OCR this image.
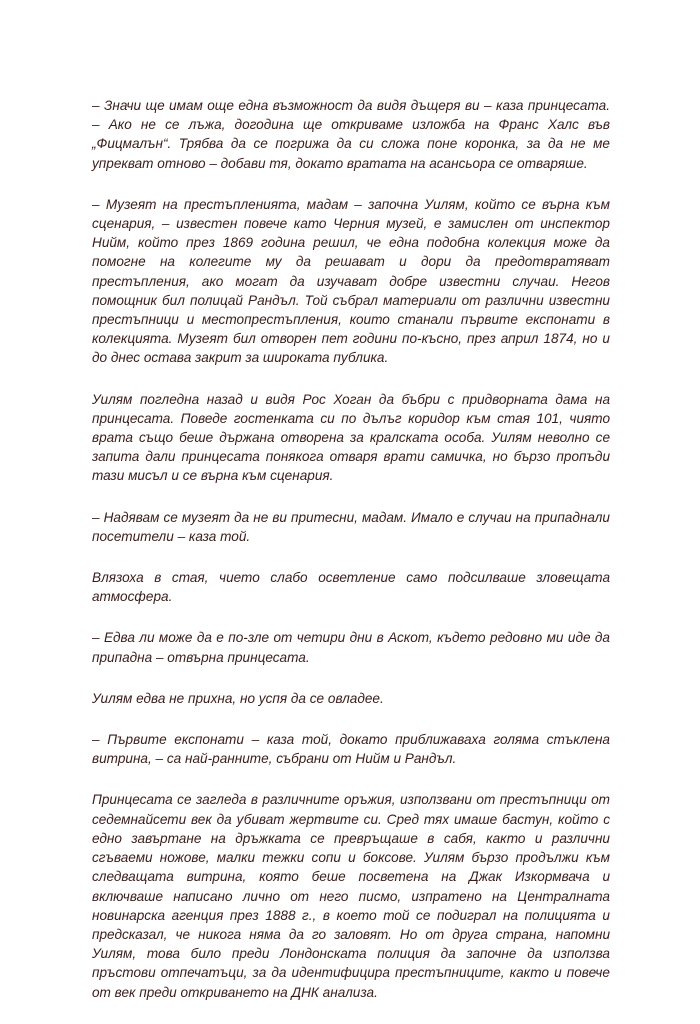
– Значи ще имам още една възможност да видя дъщеря ви – каза принцесата. – Ако не се лъжа, догодина ще откриваме изложба на Франс Халс във „Фицмалън“. Трябва да се погрижа да си сложа поне коронка, за да не ме упрекват отново – добави тя, докато вратата на асансьора се отваряше.

– Музеят на престъпленията, мадам – започна Уилям, който се върна към сценария, – известен повече като Черния музей, е замислен от инспектор Нийм, който през 1869 година решил, че една подобна колекция може да помогне на колегите му да решават и дори да предотвратяват престъпления, ако могат да изучават добре известни случаи. Негов помощник бил полицай Рандъл. Той събрал материали от различни известни престъпници и местопрестъпления, които станали първите експонати в колекцията. Музеят бил отворен пет години по-късно, през април 1874, но и до днес остава закрит за широката публика.

Уилям погледна назад и видя Рос Хоган да бъбри с придворната дама на принцесата. Поведе гостенката си по дълъг коридор към стая 101, чиято врата също беше държана отворена за кралската особа. Уилям неволно се запита дали принцесата понякога отваря врати самичка, но бързо пропъди тази мисъл и се върна към сценария.

– Надявам се музеят да не ви притесни, мадам. Имало е случаи на припаднали посетители – каза той.

Влязоха в стая, чието слабо осветление само подсилваше зловещата атмосфера.

– Едва ли може да е по-зле от четири дни в Аскот, където редовно ми иде да припадна – отвърна принцесата.

Уилям едва не прихна, но успя да се овладее.

– Първите експонати – каза той, докато приближаваха голяма стъклена витрина, – са най-ранните, събрани от Нийм и Рандъл.

Принцесата се загледа в различните оръжия, използвани от престъпници от седемнайсети век да убиват жертвите си. Сред тях имаше бастун, който с едно завъртане на дръжката се превръщаше в сабя, както и различни сгъваеми ножове, малки тежки сопи и боксове. Уилям бързо продължи към следващата витрина, която беше посветена на Джак Изкормвача и включваше написано лично от него писмо, изпратено на Централната новинарска агенция през 1888 г., в което той се подиграл на полицията и предсказал, че никога няма да го заловят. Но от друга страна, напомни Уилям, това било преди Лондонската полиция да започне да използва пръстови отпечатъци, за да идентифицира престъпниците, както и повече от век преди откриването на ДНК анализа.
